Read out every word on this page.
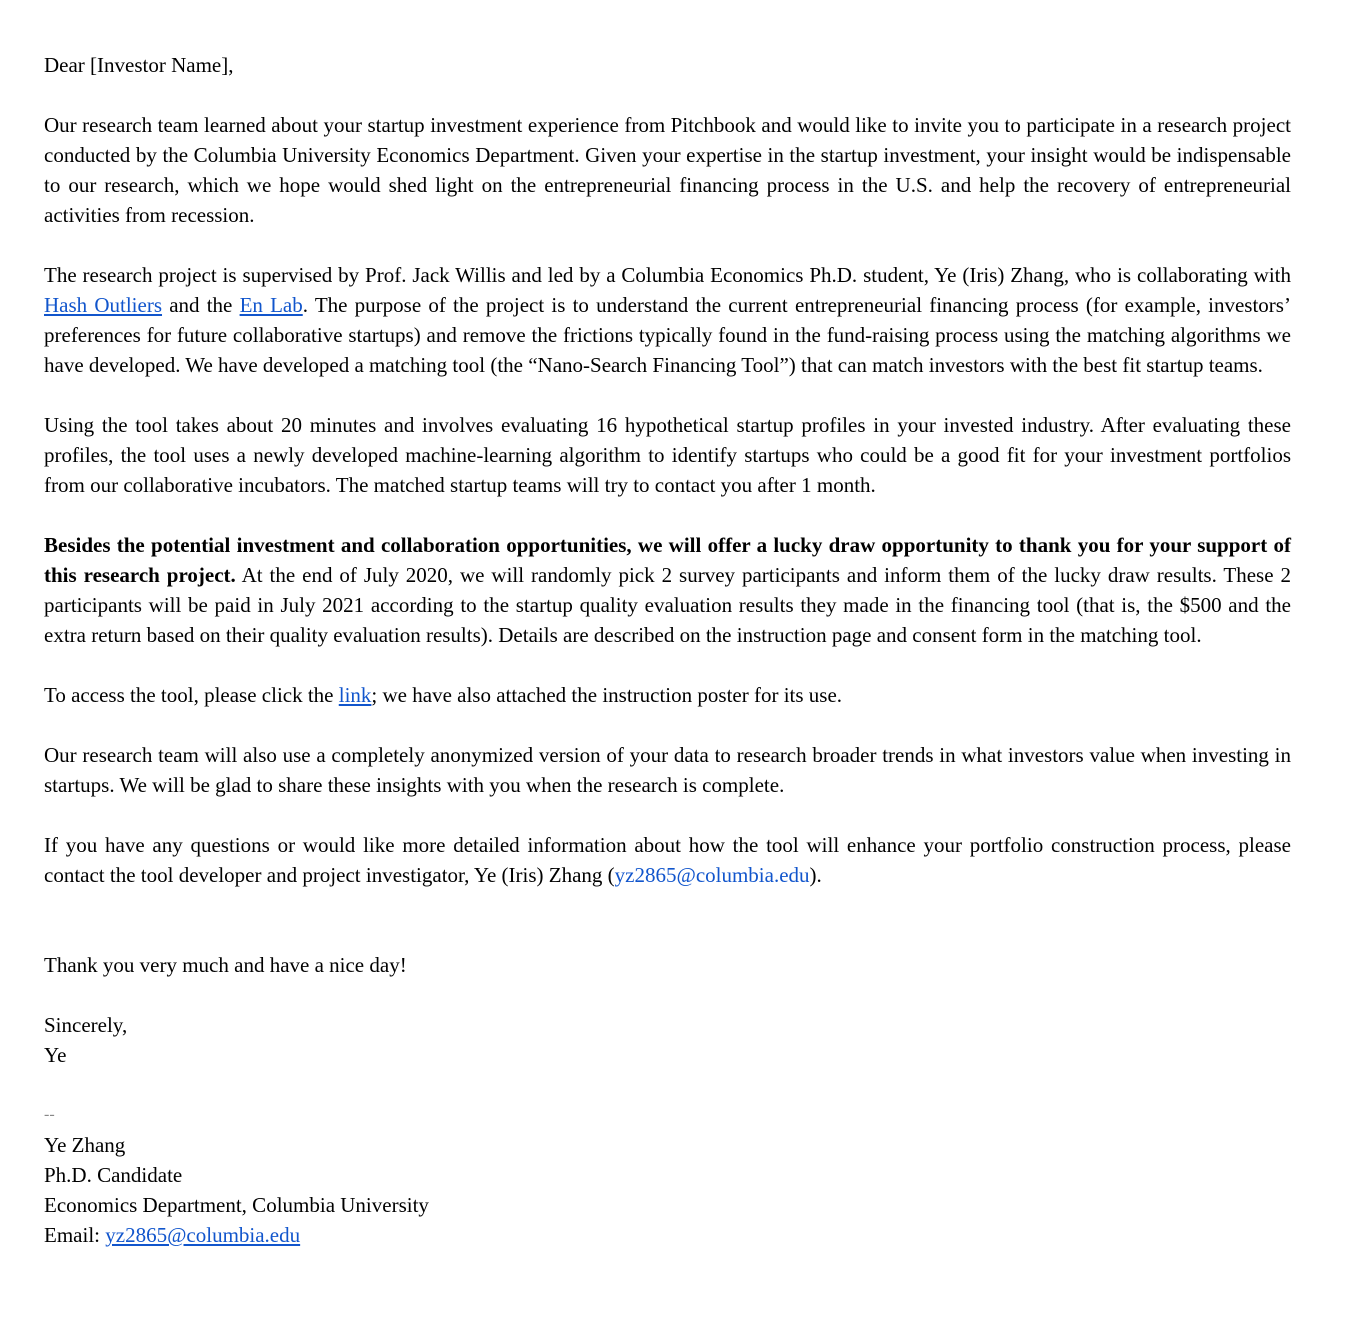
Dear [Investor Name],

Our research team learned about your startup investment experience from Pitchbook and would like to invite you to participate in a research project conducted by the Columbia University Economics Department. Given your expertise in the startup investment, your insight would be indispensable to our research, which we hope would shed light on the entrepreneurial financing process in the U.S. and help the recovery of entrepreneurial activities from recession.

The research project is supervised by Prof. Jack Willis and led by a Columbia Economics Ph.D. student, Ye (Iris) Zhang, who is collaborating with Hash Outliers and the En Lab. The purpose of the project is to understand the current entrepreneurial financing process (for example, investors’ preferences for future collaborative startups) and remove the frictions typically found in the fund-raising process using the matching algorithms we have developed. We have developed a matching tool (the “Nano-Search Financing Tool”) that can match investors with the best fit startup teams.

Using the tool takes about 20 minutes and involves evaluating 16 hypothetical startup profiles in your invested industry. After evaluating these profiles, the tool uses a newly developed machine-learning algorithm to identify startups who could be a good fit for your investment portfolios from our collaborative incubators. The matched startup teams will try to contact you after 1 month.

Besides the potential investment and collaboration opportunities, we will offer a lucky draw opportunity to thank you for your support of this research project. At the end of July 2020, we will randomly pick 2 survey participants and inform them of the lucky draw results. These 2 participants will be paid in July 2021 according to the startup quality evaluation results they made in the financing tool (that is, the $500 and the extra return based on their quality evaluation results). Details are described on the instruction page and consent form in the matching tool.

To access the tool, please click the link; we have also attached the instruction poster for its use.

Our research team will also use a completely anonymized version of your data to research broader trends in what investors value when investing in startups. We will be glad to share these insights with you when the research is complete.

If you have any questions or would like more detailed information about how the tool will enhance your portfolio construction process, please contact the tool developer and project investigator, Ye (Iris) Zhang (yz2865@columbia.edu).

Thank you very much and have a nice day!

Sincerely,

Ye

--

Ye Zhang

Ph.D. Candidate

Economics Department, Columbia University

Email: yz2865@columbia.edu
